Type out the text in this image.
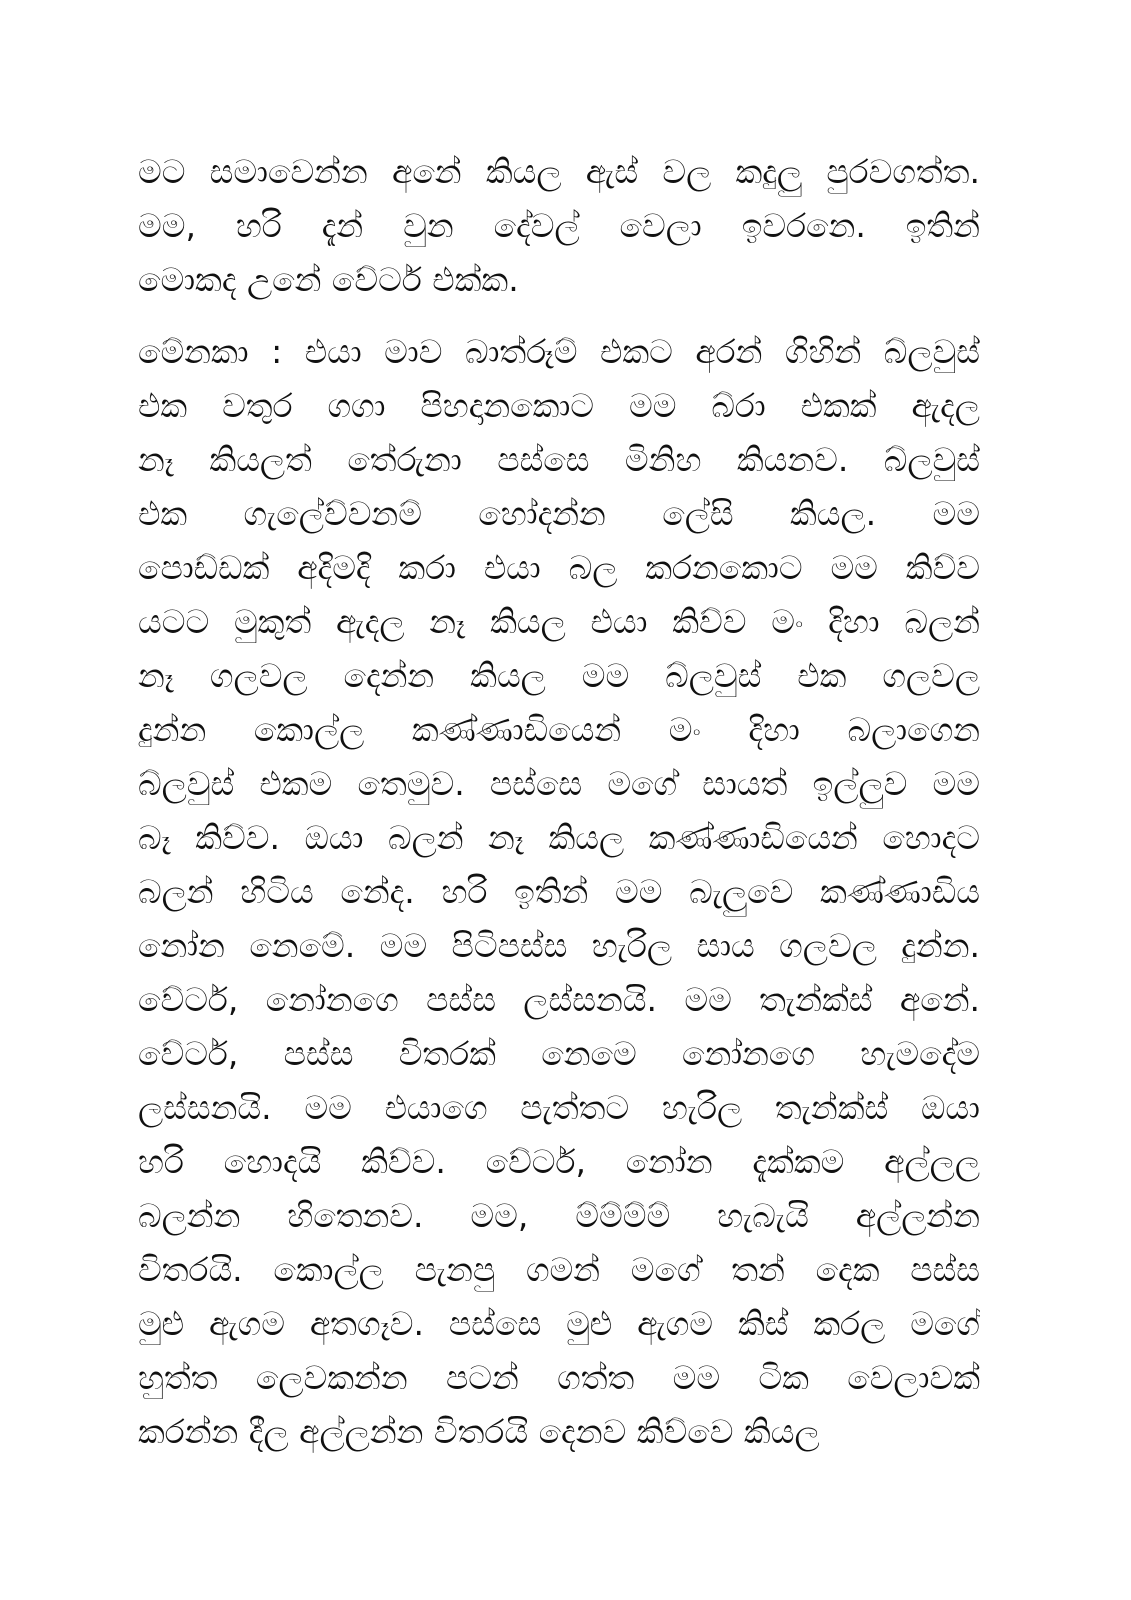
මට සමාවෙන්න අනේ කියල ඇස් වල කදුලු පුරවගත්ත.
මම, හරි දැන් වුන දේවල් වෙලා ඉවරනෙ. ඉතින්
මොකද උනේ වේටර් එක්ක.
මේනකා : එයා මාව බාත්රූම් එකට අරන් ගිහින් බ්ලවුස්
එක වතුර ගගා පිහදානකොට මම බ්රා එකක් ඇදල
නෑ කියලත් තේරුනා පස්සෙ මිනිහ කියනව. බ්ලවුස්
එක ගැලේව්වනම් හෝදන්න ලේසි කියල. මම
පොඩ්ඩක් අදිමදි කරා එයා බල කරනකොට මම කිව්ව
යටට මුකුත් ඇදල නෑ කියල එයා කිව්ව මං දිහා බලන්
නෑ ගලවල දෙන්න කියල මම බ්ලවුස් එක ගලවල
දුන්න කොල්ල කණ්ණාඩියෙන් මං දිහා බලාගෙන
බ්ලවුස් එකම තෙමුව. පස්සෙ මගේ සායත් ඉල්ලුව මම
බෑ කිව්ව. ඔයා බලන් නෑ කියල කණ්ණාඩියෙන් හොදට
බලන් හිටිය නේද. හරි ඉතින් මම බැලුවෙ කණ්ණාඩිය
නෝන නෙමේ. මම පිටිපස්ස හැරිල සාය ගලවල දුන්න.
වේටර්, නෝනගෙ පස්ස ලස්සනයි. මම තැන්ක්ස් අනේ.
වේටර්, පස්ස විතරක් නෙමෙ නෝනගෙ හැමදේම
ලස්සනයි. මම එයාගෙ පැත්තට හැරිල තැන්ක්ස් ඔයා
හරි හොදයි කිව්ව. වේටර්, නෝන දැක්කම අල්ලල
බලන්න හිතෙනව. මම, ම්ම්ම්ම් හැබැයි අල්ලන්න
විතරයි. කොල්ල පැනපු ගමන් මගේ තන් දෙක පස්ස
මුළු ඇගම අතගෑව. පස්සෙ මුළු ඇගම කිස් කරල මගේ
හුත්ත ලෙවකන්න පටන් ගත්ත මම ටික වෙලාවක්
කරන්න දීල අල්ලන්න විතරයි දෙනව කිව්වෙ කියල
